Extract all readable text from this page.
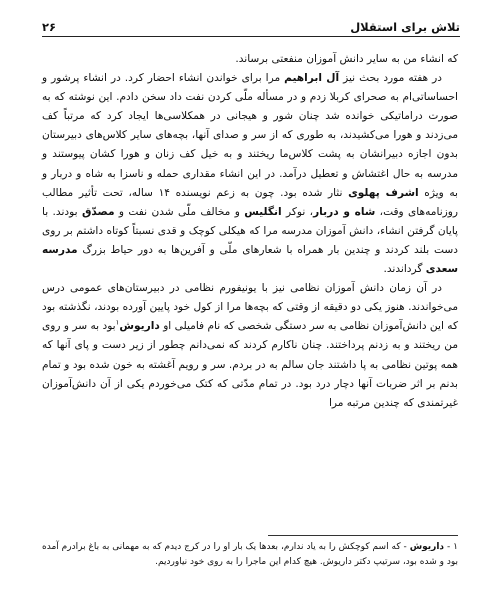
تلاش برای استقلال
۲۶

که انشاء من به سایر دانش آموزان منفعتی برساند.

در هفته مورد بحث نیز آل ابراهیم مرا برای خواندن انشاء احضار کرد. در انشاء پرشور و احساساتی‌ام به صحرای کربلا زدم و در مسأله ملّی کردن نفت داد سخن دادم. این نوشته که به صورت دراماتیکی خوانده شد چنان شور و هیجانی در همکلاسی‌ها ایجاد کرد که مرتباً کف می‌زدند و هورا می‌کشیدند، به طوری که از سر و صدای آنها، بچه‌های سایر کلاس‌های دبیرستان بدون اجازه دبیرانشان به پشت کلاس‌ما ریختند و به خیل کف زنان و هورا کشان پیوستند و مدرسه به حال اغتشاش و تعطیل درآمد. در این انشاء مقداری حمله و ناسزا به شاه و دربار و به ویژه اشرف پهلوی نثار شده بود. چون به زعم نویسنده ۱۴ ساله، تحت تأثیر مطالب روزنامه‌های وقت، شاه و دربار، نوکر انگلیس و مخالف ملّی شدن نفت و مصدّق بودند. با پایان گرفتن انشاء، دانش آموزان مدرسه مرا که هیکلی کوچک و قدی نسبتاً کوتاه داشتم بر روی دست بلند کردند و چندین بار همراه با شعارهای ملّی و آفرین‌ها به دور حیاط بزرگ مدرسه سعدی گرداندند.

در آن زمان دانش آموزان نظامی نیز با یونیفورم نظامی در دبیرستان‌های عمومی درس می‌خواندند. هنوز یکی دو دقیقه از وقتی که بچه‌ها مرا از کول خود پایین آورده بودند، نگذشته بود که این دانش‌آموزان نظامی به سر دستگی شخصی که نام فامیلی او داریوش$^۱$بود به سر و روی من ریختند و به زدنم پرداختند. چنان ناکارم کردند که نمی‌دانم چطور از زیر دست و پای آنها که همه پوتین نظامی به پا داشتند جان سالم به در بردم. سر و رویم آغشته به خون شده بود و تمام بدنم بر اثر ضربات آنها دچار درد بود. در تمام مدّتی که کتک می‌خوردم یکی از آن دانش‌آموزان غیرتمندی که چندین مرتبه مرا

۱ - داریوش - که اسم کوچکش را به یاد ندارم، بعدها یک بار او را در کرج دیدم که به مهمانی به باغ برادرم آمده بود و شده بود، سرتیپ دکتر داریوش. هیچ کدام این ماجرا را به روی خود نیاوردیم.
